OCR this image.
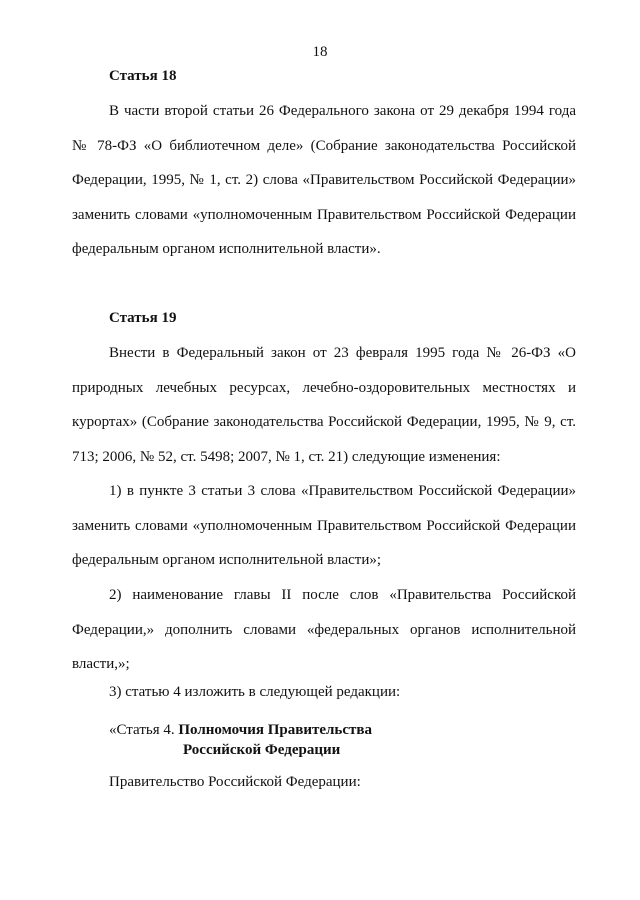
18
Статья 18

В части второй статьи 26 Федерального закона от 29 декабря 1994 года № 78-ФЗ «О библиотечном деле» (Собрание законодательства Российской Федерации, 1995, № 1, ст. 2) слова «Правительством Российской Федерации» заменить словами «уполномоченным Правительством Российской Федерации федеральным органом исполнительной власти».

Статья 19

Внести в Федеральный закон от 23 февраля 1995 года № 26-ФЗ «О природных лечебных ресурсах, лечебно-оздоровительных местностях и курортах» (Собрание законодательства Российской Федерации, 1995, № 9, ст. 713; 2006, № 52, ст. 5498; 2007, № 1, ст. 21) следующие изменения:

1) в пункте 3 статьи 3 слова «Правительством Российской Федерации» заменить словами «уполномоченным Правительством Российской Федерации федеральным органом исполнительной власти»;

2) наименование главы II после слов «Правительства Российской Федерации,» дополнить словами «федеральных органов исполнительной власти,»;

3) статью 4 изложить в следующей редакции:
«Статья 4. Полномочия Правительства
Российской Федерации
Правительство Российской Федерации:
